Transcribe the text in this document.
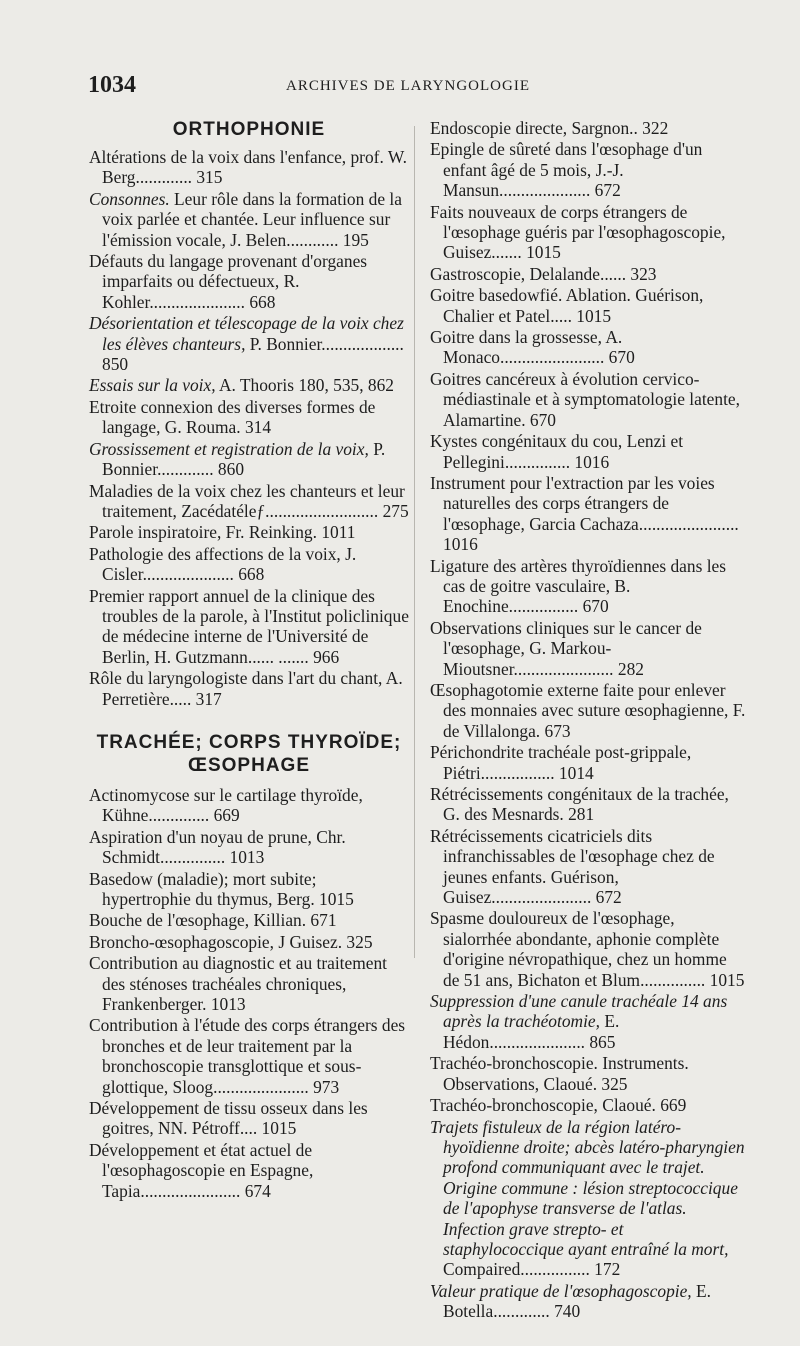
1034	ARCHIVES DE LARYNGOLOGIE
ORTHOPHONIE
Altérations de la voix dans l'enfance, prof. W. Berg............. 315
Consonnes. Leur rôle dans la formation de la voix parlée et chantée. Leur influence sur l'émission vocale, J. Belen............ 195
Défauts du langage provenant d'organes imparfaits ou défectueux, R. Kohler...................... 668
Désorientation et télescopage de la voix chez les élèves chanteurs, P. Bonnier................... 850
Essais sur la voix, A. Thooris 180, 535, 862
Etroite connexion des diverses formes de langage, G. Rouma. 314
Grossissement et registration de la voix, P. Bonnier............. 860
Maladies de la voix chez les chanteurs et leur traitement, Zacédatéleƒ.......................... 275
Parole inspiratoire, Fr. Reinking. 1011
Pathologie des affections de la voix, J. Cisler..................... 668
Premier rapport annuel de la clinique des troubles de la parole, à l'Institut policlinique de médecine interne de l'Université de Berlin, H. Gutzmann...... ....... 966
Rôle du laryngologiste dans l'art du chant, A. Perretière..... 317
TRACHÉE; CORPS THYROÏDE; ŒSOPHAGE
Actinomycose sur le cartilage thyroïde, Kühne.............. 669
Aspiration d'un noyau de prune, Chr. Schmidt............... 1013
Basedow (maladie); mort subite; hypertrophie du thymus, Berg. 1015
Bouche de l'œsophage, Killian. 671
Broncho-œsophagoscopie, J Guisez. 325
Contribution au diagnostic et au traitement des sténoses trachéales chroniques, Frankenberger. 1013
Contribution à l'étude des corps étrangers des bronches et de leur traitement par la bronchoscopie transglottique et sous-glottique, Sloog...................... 973
Développement de tissu osseux dans les goitres, NN. Pétroff.... 1015
Développement et état actuel de l'œsophagoscopie en Espagne, Tapia....................... 674
Endoscopie directe, Sargnon.. 322
Epingle de sûreté dans l'œsophage d'un enfant âgé de 5 mois, J.-J. Mansun..................... 672
Faits nouveaux de corps étrangers de l'œsophage guéris par l'œsophagoscopie, Guisez....... 1015
Gastroscopie, Delalande...... 323
Goitre basedowfié. Ablation. Guérison, Chalier et Patel..... 1015
Goitre dans la grossesse, A. Monaco........................ 670
Goitres cancéreux à évolution cervico-médiastinale et à symptomatologie latente, Alamartine. 670
Kystes congénitaux du cou, Lenzi et Pellegini............... 1016
Instrument pour l'extraction par les voies naturelles des corps étrangers de l'œsophage, Garcia Cachaza....................... 1016
Ligature des artères thyroïdiennes dans les cas de goitre vasculaire, B. Enochine................ 670
Observations cliniques sur le cancer de l'œsophage, G. Markou-Mioutsner....................... 282
Œsophagotomie externe faite pour enlever des monnaies avec suture œsophagienne, F. de Villalonga. 673
Périchondrite trachéale post-grippale, Piétri................. 1014
Rétrécissements congénitaux de la trachée, G. des Mesnards. 281
Rétrécissements cicatriciels dits infranchissables de l'œsophage chez de jeunes enfants. Guérison, Guisez....................... 672
Spasme douloureux de l'œsophage, sialorrhée abondante, aphonie complète d'origine névropathique, chez un homme de 51 ans, Bichaton et Blum............... 1015
Suppression d'une canule trachéale 14 ans après la trachéotomie, E. Hédon...................... 865
Trachéo-bronchoscopie. Instruments. Observations, Claoué. 325
Trachéo-bronchoscopie, Claoué. 669
Trajets fistuleux de la région latéro-hyoïdienne droite; abcès latéro-pharyngien profond communiquant avec le trajet. Origine commune : lésion streptococcique de l'apophyse transverse de l'atlas. Infection grave strepto- et staphylococcique ayant entraîné la mort, Compaired................ 172
Valeur pratique de l'œsophagoscopie, E. Botella............. 740
